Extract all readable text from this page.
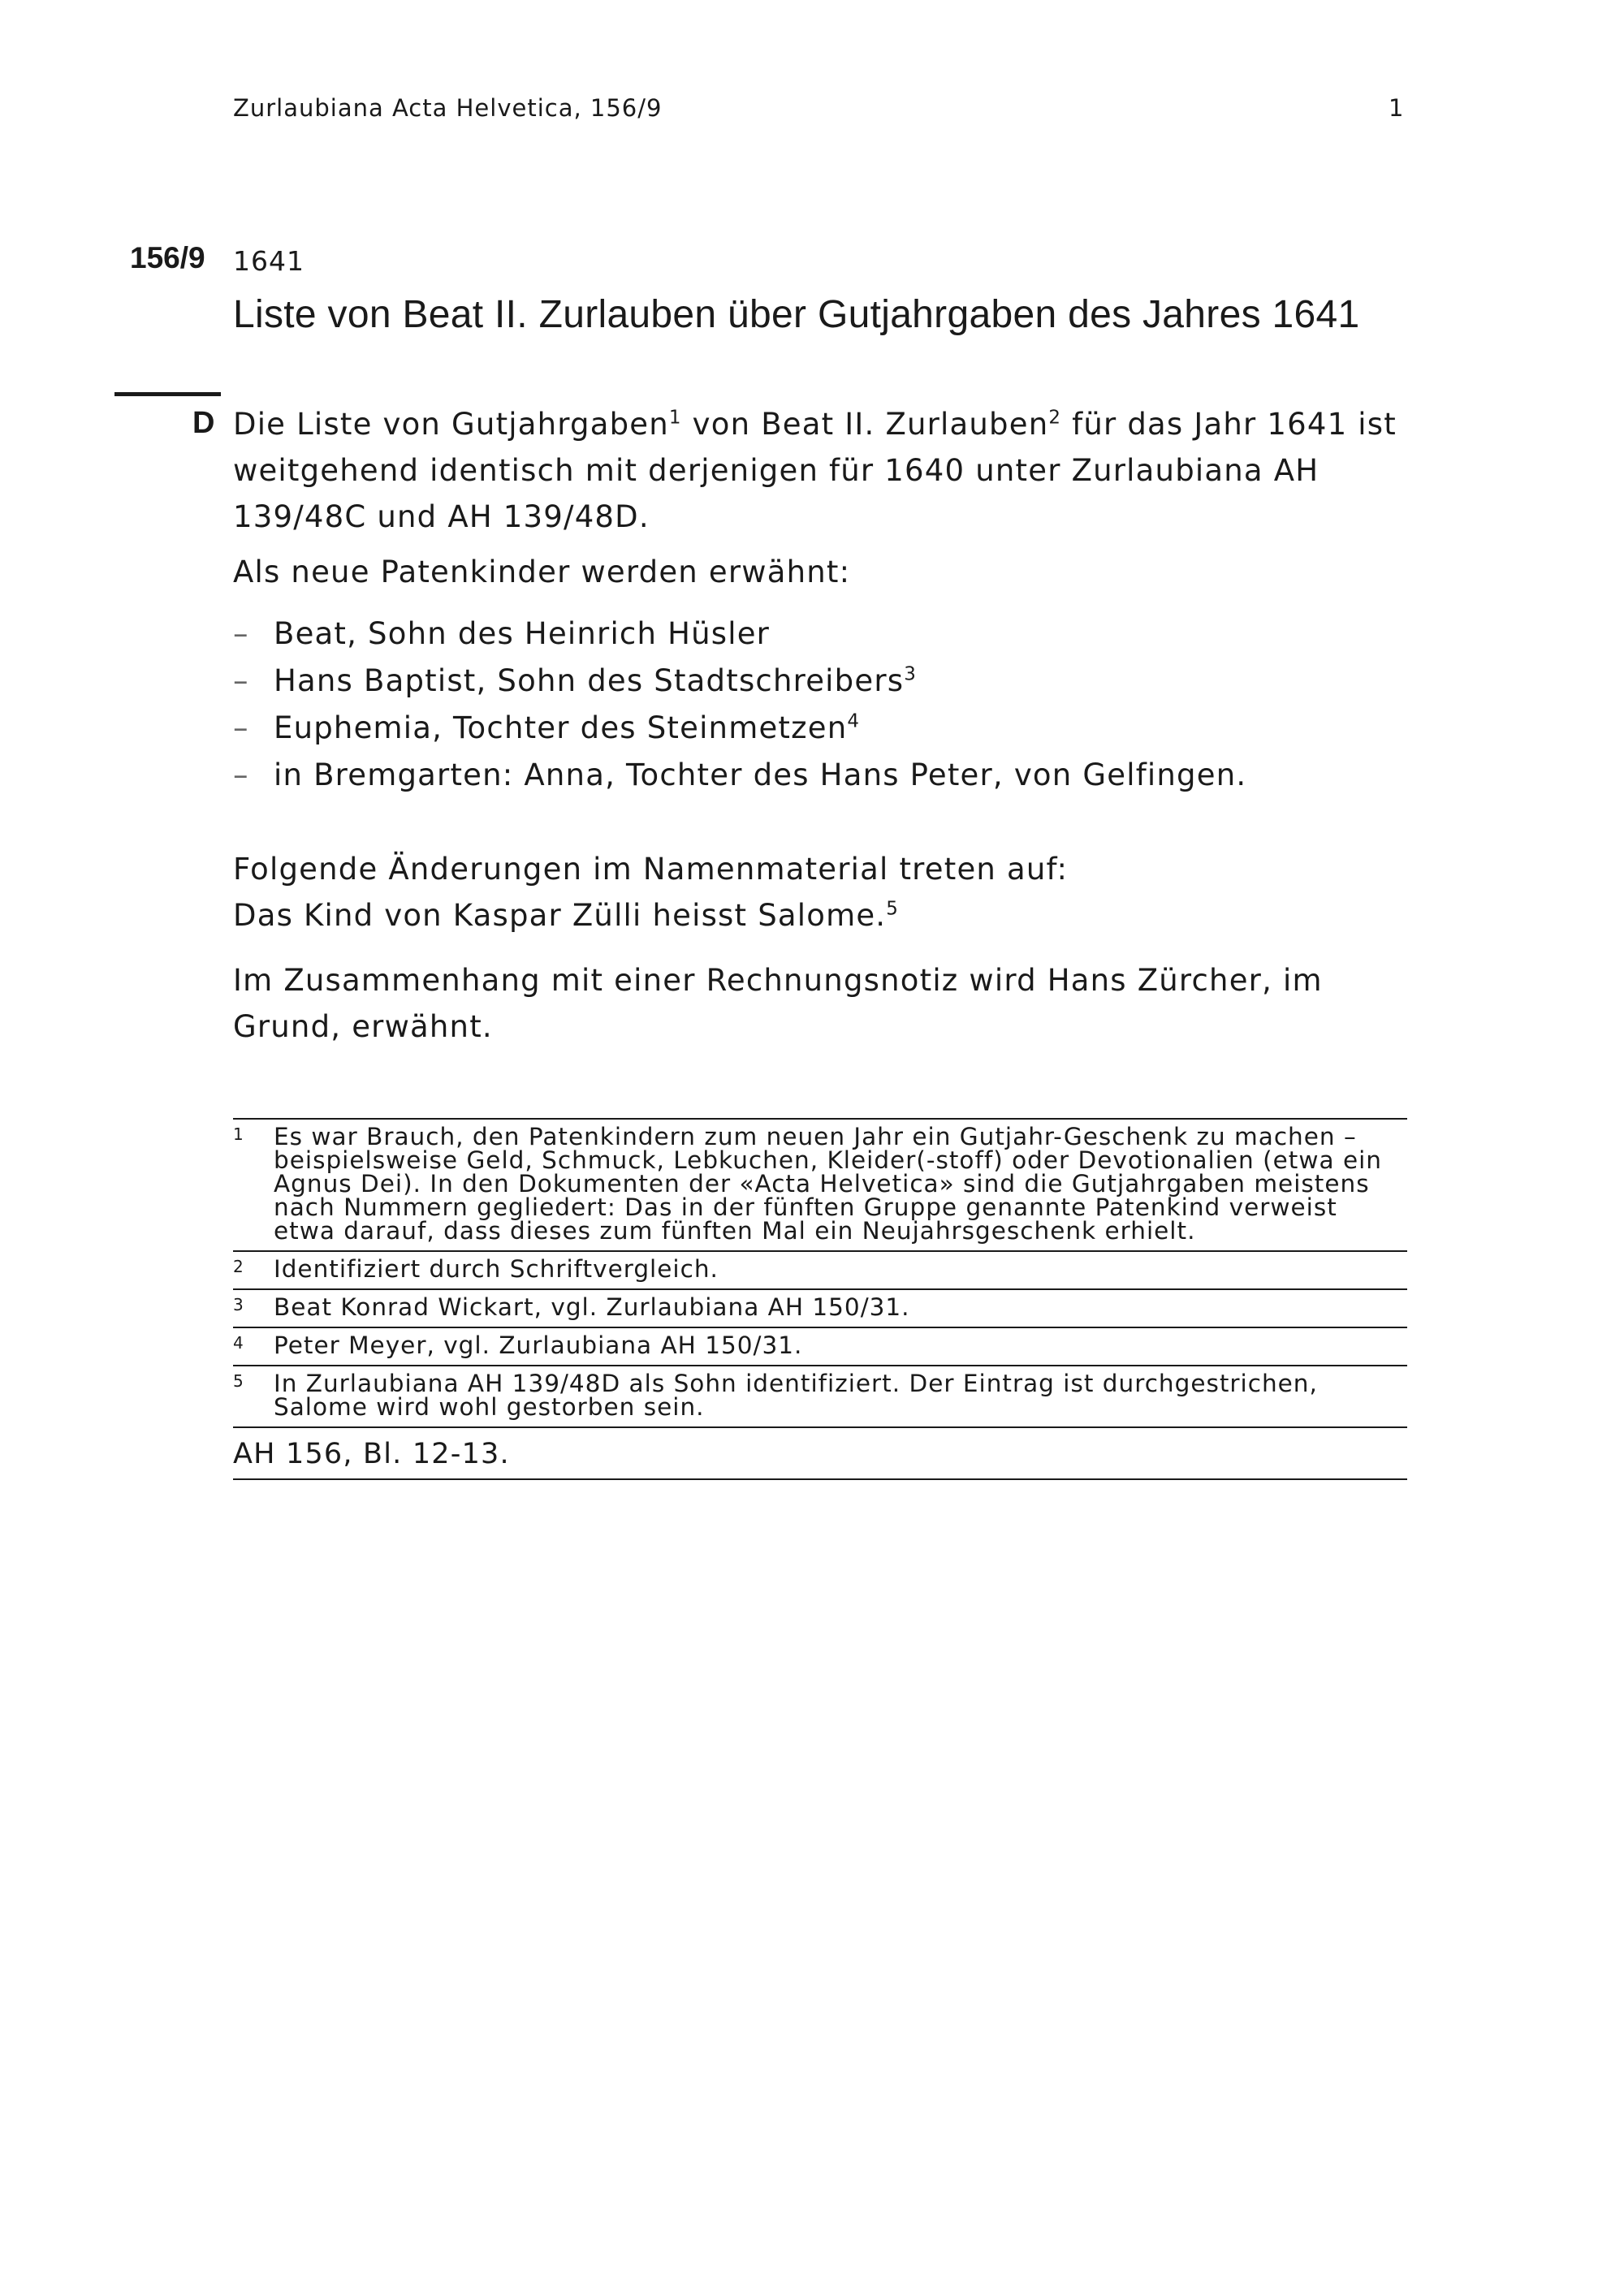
Zurlaubiana Acta Helvetica, 156/9	1
156/9 1641
Liste von Beat II. Zurlauben über Gutjahrgaben des Jahres 1641
D Die Liste von Gutjahrgaben$^1$ von Beat II. Zurlauben$^2$ für das Jahr 1641 ist weitgehend identisch mit derjenigen für 1640 unter Zurlaubiana AH 139/48C und AH 139/48D.

Als neue Patenkinder werden erwähnt:
– Beat, Sohn des Heinrich Hüsler
– Hans Baptist, Sohn des Stadtschreibers$^3$
– Euphemia, Tochter des Steinmetzen$^4$
– in Bremgarten: Anna, Tochter des Hans Peter, von Gelfingen.

Folgende Änderungen im Namenmaterial treten auf:

Das Kind von Kaspar Zülli heisst Salome.$^5$

Im Zusammenhang mit einer Rechnungsnotiz wird Hans Zürcher, im Grund, erwähnt.
1 Es war Brauch, den Patenkindern zum neuen Jahr ein Gutjahr-Geschenk zu machen – beispielsweise Geld, Schmuck, Lebkuchen, Kleider(-stoff) oder Devotionalien (etwa ein Agnus Dei). In den Dokumenten der «Acta Helvetica» sind die Gutjahrgaben meistens nach Nummern gegliedert: Das in der fünften Gruppe genannte Patenkind verweist etwa darauf, dass dieses zum fünften Mal ein Neujahrsgeschenk erhielt.
2 Identifiziert durch Schriftvergleich.
3 Beat Konrad Wickart, vgl. Zurlaubiana AH 150/31.
4 Peter Meyer, vgl. Zurlaubiana AH 150/31.
5 In Zurlaubiana AH 139/48D als Sohn identifiziert. Der Eintrag ist durchgestrichen, Salome wird wohl gestorben sein.
AH 156, Bl. 12-13.
